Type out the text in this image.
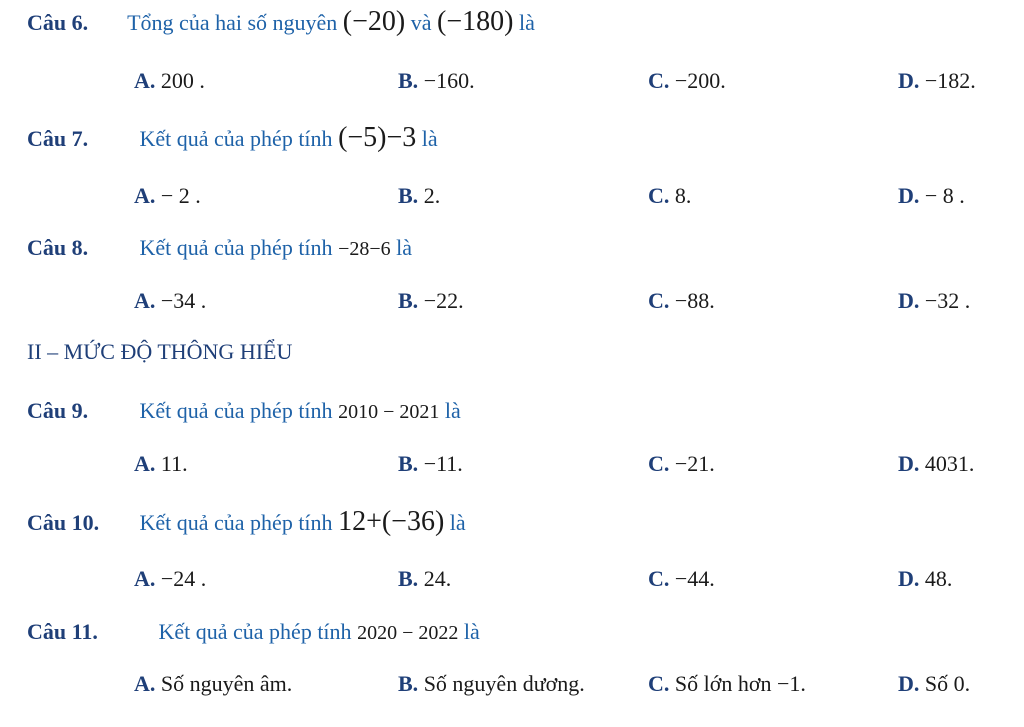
Câu 6. Tổng của hai số nguyên (−20) và (−180) là
A. 200 .	B. −160.	C. −200.	D. −182.
Câu 7. Kết quả của phép tính (−5)−3 là
A. − 2 .	B. 2.	C. 8.	D. − 8 .
Câu 8. Kết quả của phép tính −28−6 là
A. −34 .	B. −22.	C. −88.	D. −32 .
II – MỨC ĐỘ THÔNG HIỂU
Câu 9. Kết quả của phép tính 2010 − 2021 là
A. 11.	B. −11.	C. −21.	D. 4031.
Câu 10. Kết quả của phép tính 12+(−36) là
A. −24 .	B. 24.	C. −44.	D. 48.
Câu 11.	Kết quả của phép tính 2020 − 2022 là
A. Số nguyên âm.	B. Số nguyên dương.	C. Số lớn hơn −1.	D. Số 0.
